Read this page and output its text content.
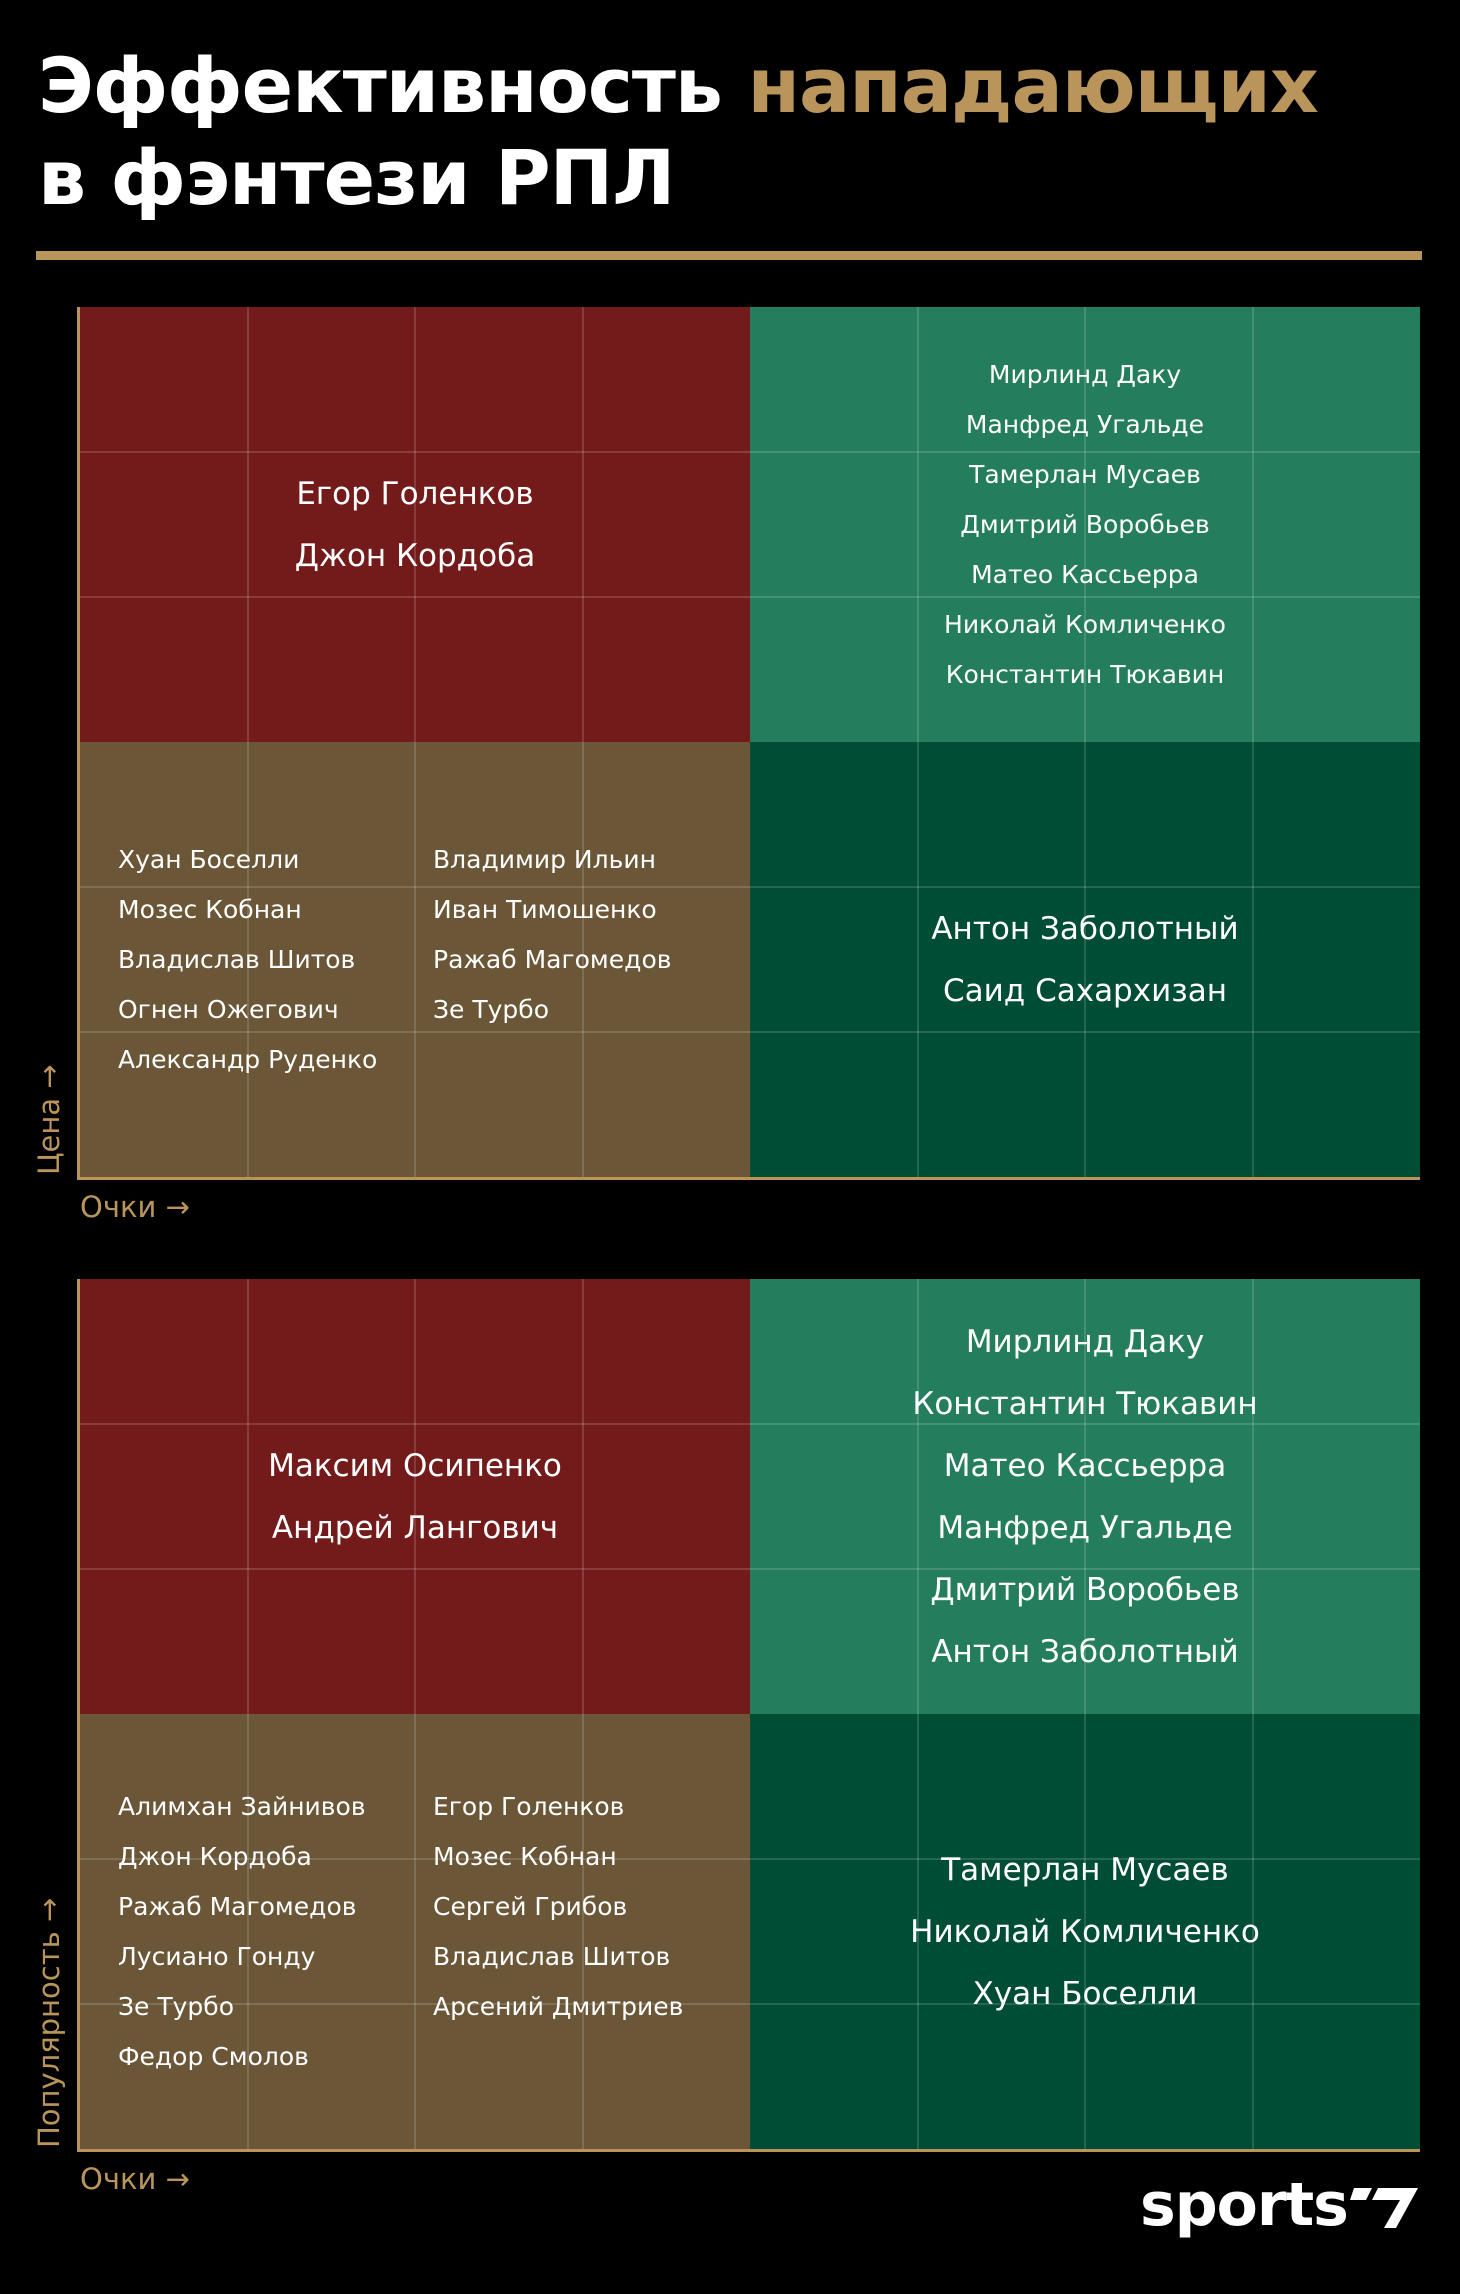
Эффективность нападающих
в фэнтези РПЛ
Егор Голенков
Джон Кордоба
Мирлинд Даку
Манфред Угальде
Тамерлан Мусаев
Дмитрий Воробьев
Матео Кассьерра
Николай Комличенко
Константин Тюкавин
Хуан Боселли
Мозес Кобнан
Владислав Шитов
Огнен Ожегович
Александр Руденко
Владимир Ильин
Иван Тимошенко
Ражаб Магомедов
Зе Турбо
Антон Заболотный
Саид Сахархизан
Цена →
Очки →
Максим Осипенко
Андрей Лангович
Мирлинд Даку
Константин Тюкавин
Матео Кассьерра
Манфред Угальде
Дмитрий Воробьев
Антон Заболотный
Алимхан Зайнивов
Джон Кордоба
Ражаб Магомедов
Лусиано Гонду
Зе Турбо
Федор Смолов
Егор Голенков
Мозес Кобнан
Сергей Грибов
Владислав Шитов
Арсений Дмитриев
Тамерлан Мусаев
Николай Комличенко
Хуан Боселли
Популярность →
Очки →	sports
